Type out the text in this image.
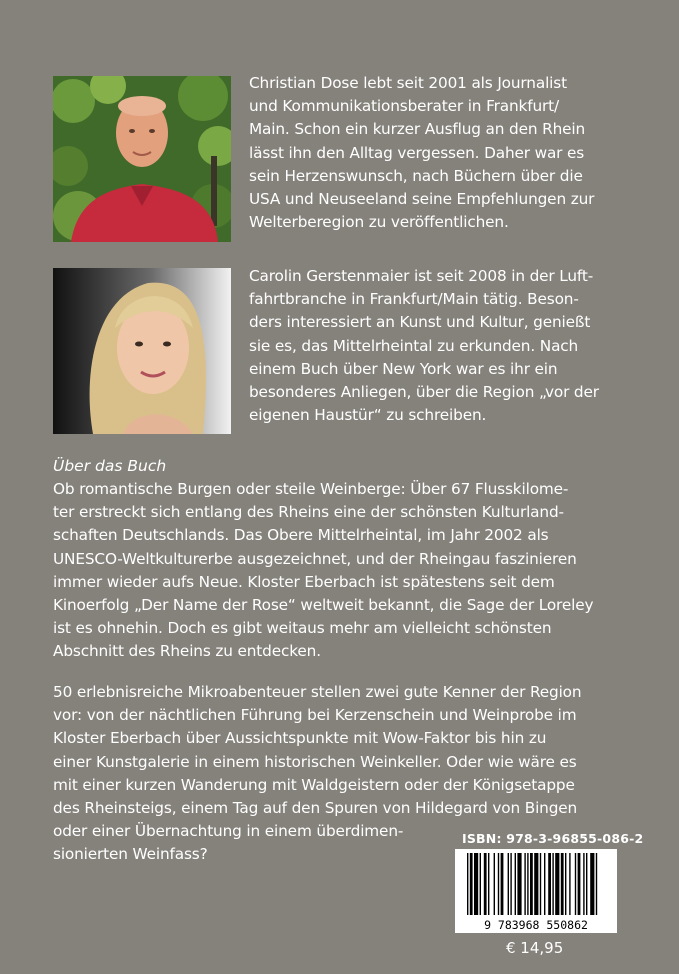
Christian Dose lebt seit 2001 als Journalist
und Kommunikationsberater in Frankfurt/
Main. Schon ein kurzer Ausflug an den Rhein
lässt ihn den Alltag vergessen. Daher war es
sein Herzenswunsch, nach Büchern über die
USA und Neuseeland seine Empfehlungen zur
Welterberegion zu veröffentlichen.
Carolin Gerstenmaier ist seit 2008 in der Luft-
fahrtbranche in Frankfurt/Main tätig. Beson-
ders interessiert an Kunst und Kultur, genießt
sie es, das Mittelrheintal zu erkunden. Nach
einem Buch über New York war es ihr ein
besonderes Anliegen, über die Region „vor der
eigenen Haustür“ zu schreiben.
Über das Buch
Ob romantische Burgen oder steile Weinberge: Über 67 Flusskilome-
ter erstreckt sich entlang des Rheins eine der schönsten Kulturland-
schaften Deutschlands. Das Obere Mittelrheintal, im Jahr 2002 als
UNESCO-Weltkulturerbe ausgezeichnet, und der Rheingau faszinieren
immer wieder aufs Neue. Kloster Eberbach ist spätestens seit dem
Kinoerfolg „Der Name der Rose“ weltweit bekannt, die Sage der Loreley
ist es ohnehin. Doch es gibt weitaus mehr am vielleicht schönsten
Abschnitt des Rheins zu entdecken.
50 erlebnisreiche Mikroabenteuer stellen zwei gute Kenner der Region
vor: von der nächtlichen Führung bei Kerzenschein und Weinprobe im
Kloster Eberbach über Aussichtspunkte mit Wow-Faktor bis hin zu
einer Kunstgalerie in einem historischen Weinkeller. Oder wie wäre es
mit einer kurzen Wanderung mit Waldgeistern oder der Königsetappe
des Rheinsteigs, einem Tag auf den Spuren von Hildegard von Bingen
oder einer Übernachtung in einem überdimen-
sionierten Weinfass?
ISBN: 978-3-96855-086-2
9 783968 550862
€ 14,95
